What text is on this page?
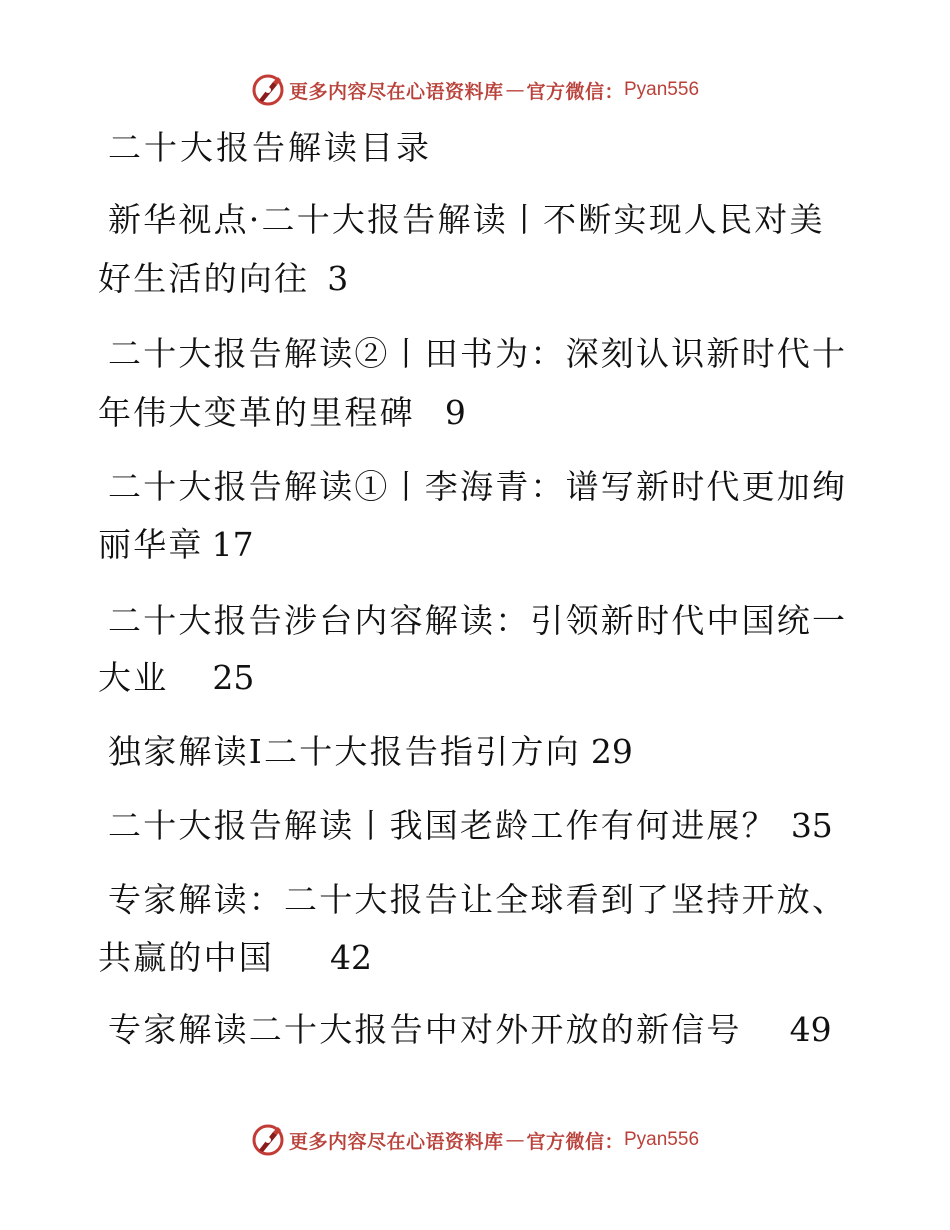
更多内容尽在心语资料库 — 官方微信： Pyan556
二十大报告解读目录
新华视点·二十大报告解读丨不断实现人民对美
好生活的向往 3
二十大报告解读②丨田书为：深刻认识新时代十
年伟大变革的里程碑 9
二十大报告解读①丨李海青：谱写新时代更加绚
丽华章 17
二十大报告涉台内容解读：引领新时代中国统一
大业 25
独家解读Ⅰ二十大报告指引方向 29
二十大报告解读丨我国老龄工作有何进展？ 35
专家解读：二十大报告让全球看到了坚持开放、
共赢的中国 42
专家解读二十大报告中对外开放的新信号 49
更多内容尽在心语资料库 — 官方微信： Pyan556
